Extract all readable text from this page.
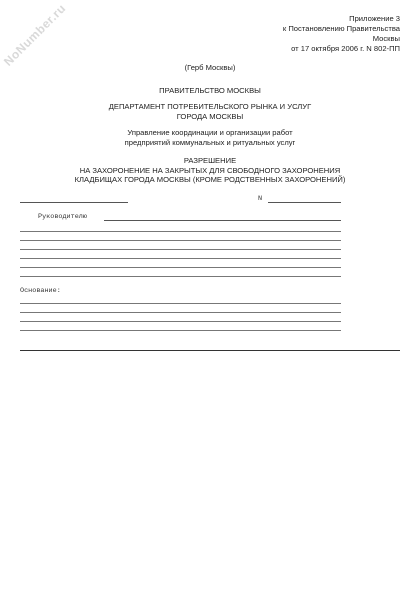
NoNumber.ru	Приложение 3
к Постановлению Правительства
Москвы
от 17 октября 2006 г. N 802-ПП
(Герб Москвы)
ПРАВИТЕЛЬСТВО МОСКВЫ
ДЕПАРТАМЕНТ ПОТРЕБИТЕЛЬСКОГО РЫНКА И УСЛУГ
ГОРОДА МОСКВЫ
Управление координации и организации работ
предприятий коммунальных и ритуальных услуг
РАЗРЕШЕНИЕ
НА ЗАХОРОНЕНИЕ НА ЗАКРЫТЫХ ДЛЯ СВОБОДНОГО ЗАХОРОНЕНИЯ
КЛАДБИЩАХ ГОРОДА МОСКВЫ (КРОМЕ РОДСТВЕННЫХ ЗАХОРОНЕНИЙ)
N
Руководителю
Основание:
